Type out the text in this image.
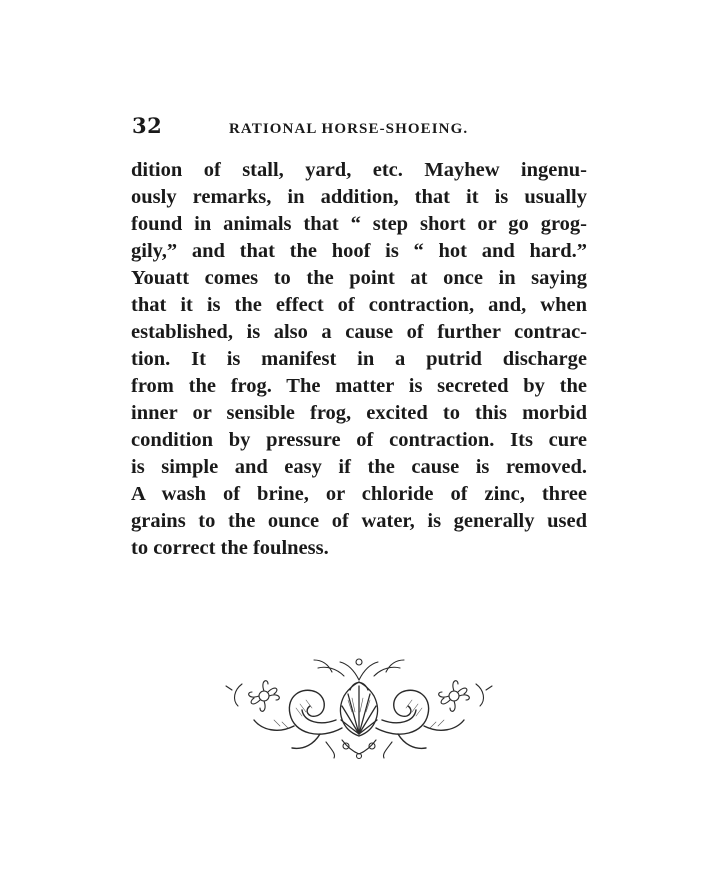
32	RATIONAL HORSE-SHOEING.
dition of stall, yard, etc. Mayhew ingenu-
ously remarks, in addition, that it is usually
found in animals that “ step short or go grog-
gily,” and that the hoof is “ hot and hard.”
Youatt comes to the point at once in saying
that it is the effect of contraction, and, when
established, is also a cause of further contrac-
tion. It is manifest in a putrid discharge
from the frog. The matter is secreted by the
inner or sensible frog, excited to this morbid
condition by pressure of contraction. Its cure
is simple and easy if the cause is removed.
A wash of brine, or chloride of zinc, three
grains to the ounce of water, is generally used
to correct the foulness.
